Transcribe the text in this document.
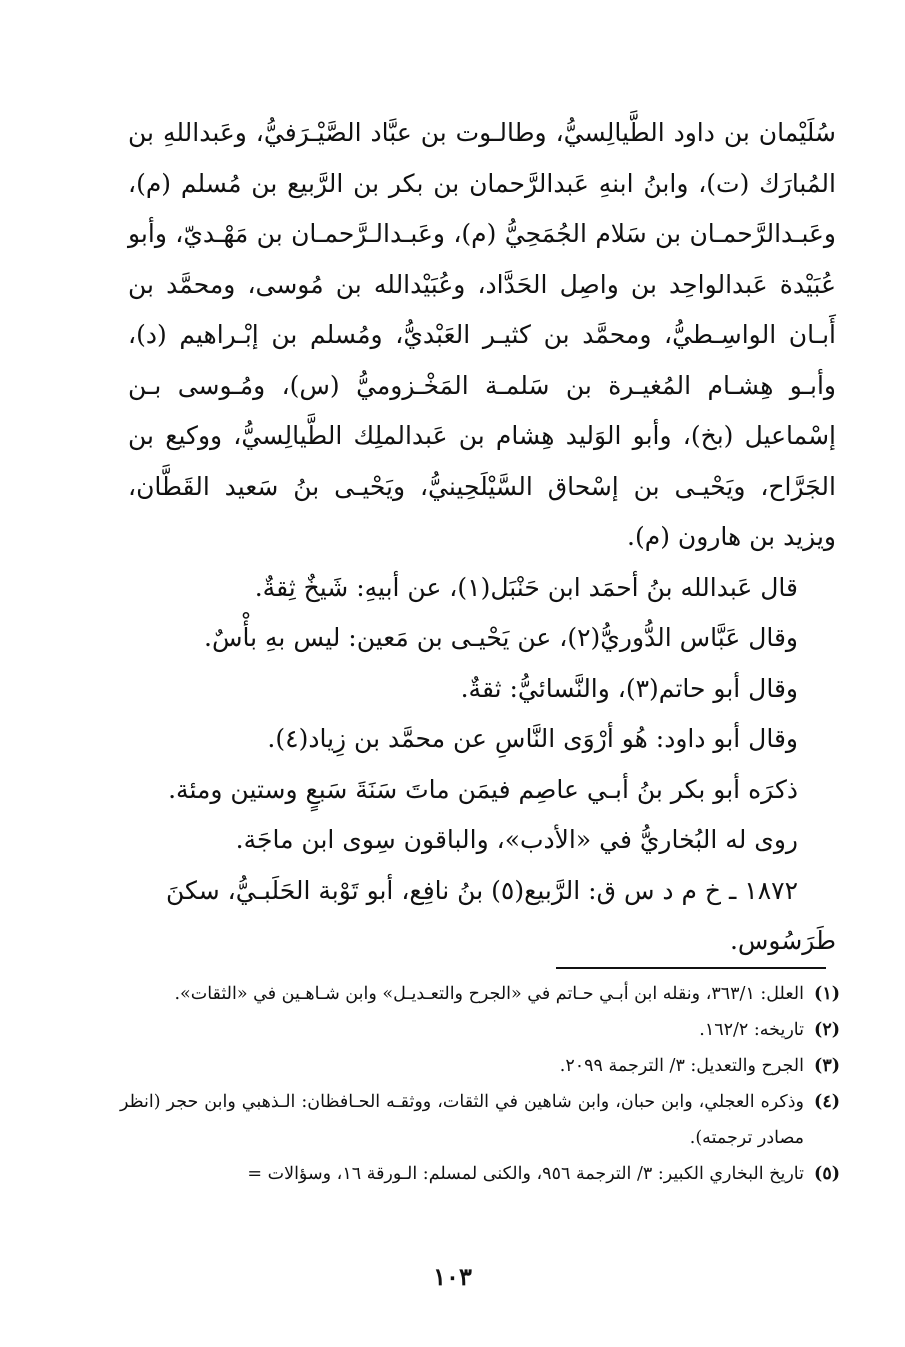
سُلَيْمان بن داود الطَّيالِسيُّ، وطالـوت بن عبَّاد الصَّيْـرَفيُّ، وعَبداللهِ بن المُبارَك (ت)، وابنُ ابنهِ عَبدالرَّحمان بن بكر بن الرَّبيع بن مُسلم (م)، وعَبـدالرَّحمـان بن سَلام الجُمَحِيُّ (م)، وعَبـدالـرَّحمـان بن مَهْـديّ، وأبو عُبَيْدة عَبدالواحِد بن واصِل الحَدَّاد، وعُبَيْدالله بن مُوسى، ومحمَّد بن أَبـان الواسِـطيُّ، ومحمَّد بن كثيـر العَبْديُّ، ومُسلم بن إبْـراهيم (د)، وأبـو هِشـام المُغيـرة بن سَلمـة المَخْـزوميُّ (س)، ومُـوسى بـن إسْماعيل (بخ)، وأبو الوَليد هِشام بن عَبدالملِك الطَّيالِسيُّ، ووكيع بن الجَرَّاح، ويَحْيـى بن إسْحاق السَّيْلَحِينيُّ، ويَحْيـى بنُ سَعيد القَطَّان، ويزيد بن هارون (م).

قال عَبدالله بنُ أحمَد ابن حَنْبَل(١)، عن أبيهِ: شَيخٌ ثِقةٌ.

وقال عَبَّاس الدُّوريُّ(٢)، عن يَحْيـى بن مَعين: ليس بهِ بأْسٌ.

وقال أبو حاتم(٣)، والنَّسائيُّ: ثقةٌ.

وقال أبو داود: هُو أرْوَى النَّاسِ عن محمَّد بن زِياد(٤).

ذكرَه أبو بكر بنُ أبـي عاصِم فيمَن ماتَ سَنَةَ سَبعٍ وستين ومئة.

روى له البُخاريُّ في «الأدب»، والباقون سِوى ابن ماجَة.

١٨٧٢ ـ خ م د س ق: الرَّبيع(٥) بنُ نافِع، أبو تَوْبة الحَلَبـيُّ، سكنَ طَرَسُوس.

(١)
العلل: ٣٦٣/١، ونقله ابن أبـي حـاتم في «الجرح والتعـديـل» وابن شـاهـين في «الثقات».
(٢)
تاريخه: ١٦٢/٢.
(٣)
الجرح والتعديل: ٣/ الترجمة ٢٠٩٩.
(٤)
وذكره العجلي، وابن حبان، وابن شاهين في الثقات، ووثقـه الحـافظان: الـذهبي وابن حجر (انظر مصادر ترجمته).
(٥)
تاريخ البخاري الكبير: ٣/ الترجمة ٩٥٦، والكنى لمسلم: الـورقة ١٦، وسؤالات =
١٠٣
